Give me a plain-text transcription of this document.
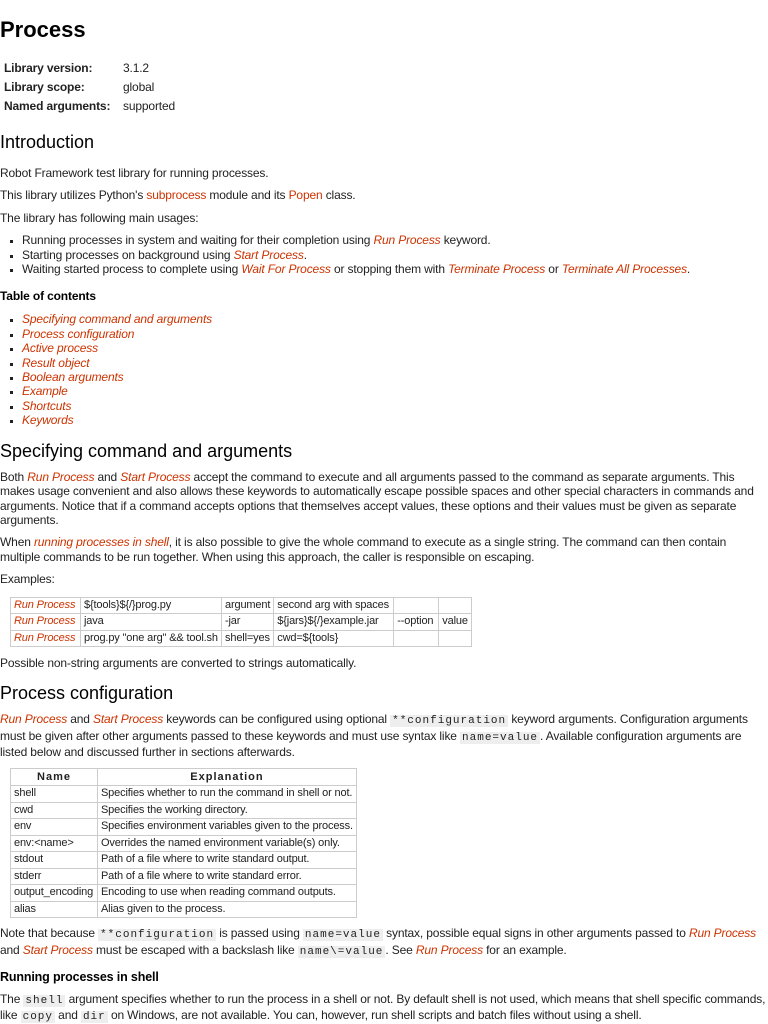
Process
Library version:	3.1.2
Library scope:	global
Named arguments:	supported
Introduction

Robot Framework test library for running processes.

This library utilizes Python's subprocess module and its Popen class.

The library has following main usages:

▪ Running processes in system and waiting for their completion using Run Process keyword.
▪ Starting processes on background using Start Process.
▪ Waiting started process to complete using Wait For Process or stopping them with Terminate Process or Terminate All Processes.
Table of contents
▪ Specifying command and arguments
▪ Process configuration
▪ Active process
▪ Result object
▪ Boolean arguments
▪ Example
▪ Shortcuts
▪ Keywords
Specifying command and arguments

Both Run Process and Start Process accept the command to execute and all arguments passed to the command as separate arguments. This makes usage convenient and also allows these keywords to automatically escape possible spaces and other special characters in commands and arguments. Notice that if a command accepts options that themselves accept values, these options and their values must be given as separate arguments.

When running processes in shell, it is also possible to give the whole command to execute as a single string. The command can then contain multiple commands to be run together. When using this approach, the caller is responsible on escaping.

Examples:

Run Process	${tools}${/}prog.py	argument	second arg with spaces		
Run Process	java	-jar	${jars}${/}example.jar	--option	value
Run Process	prog.py "one arg" && tool.sh	shell=yes	cwd=${tools}		

Possible non-string arguments are converted to strings automatically.

Process configuration

Run Process and Start Process keywords can be configured using optional **configuration keyword arguments. Configuration arguments must be given after other arguments passed to these keywords and must use syntax like name=value . Available configuration arguments are listed below and discussed further in sections afterwards.

Name	Explanation
shell	Specifies whether to run the command in shell or not.
cwd	Specifies the working directory.
env	Specifies environment variables given to the process.
env:<name>	Overrides the named environment variable(s) only.
stdout	Path of a file where to write standard output.
stderr	Path of a file where to write standard error.
output_encoding	Encoding to use when reading command outputs.
alias	Alias given to the process.

Note that because **configuration is passed using name=value syntax, possible equal signs in other arguments passed to Run Process and Start Process must be escaped with a backslash like name\=value . See Run Process for an example.

Running processes in shell

The shell argument specifies whether to run the process in a shell or not. By default shell is not used, which means that shell specific commands, like copy and dir on Windows, are not available. You can, however, run shell scripts and batch files without using a shell.
